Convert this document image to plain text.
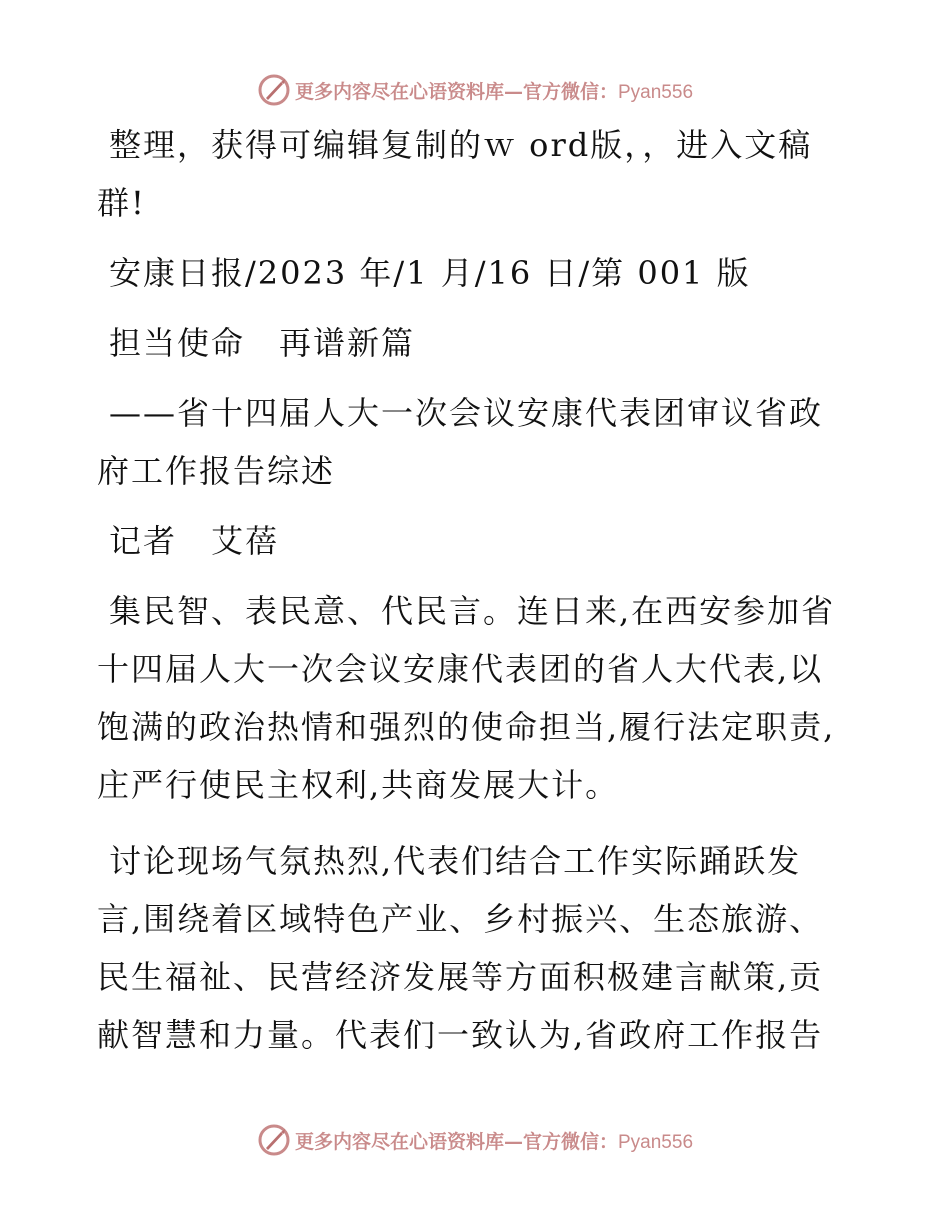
更多内容尽在心语资料库—官方微信：Pyan556

整理，获得可编辑复制的ｗ ord版，，进入文稿群!

安康日报/2023 年/1 月/16 日/第 001 版

担当使命　再谱新篇

——省十四届人大一次会议安康代表团审议省政府工作报告综述

记者　艾蓓

集民智、表民意、代民言。连日来,在西安参加省十四届人大一次会议安康代表团的省人大代表,以饱满的政治热情和强烈的使命担当,履行法定职责,庄严行使民主权利,共商发展大计。

讨论现场气氛热烈,代表们结合工作实际踊跃发言,围绕着区域特色产业、乡村振兴、生态旅游、民生福祉、民营经济发展等方面积极建言献策,贡献智慧和力量。代表们一致认为,省政府工作报告

更多内容尽在心语资料库—官方微信：Pyan556
